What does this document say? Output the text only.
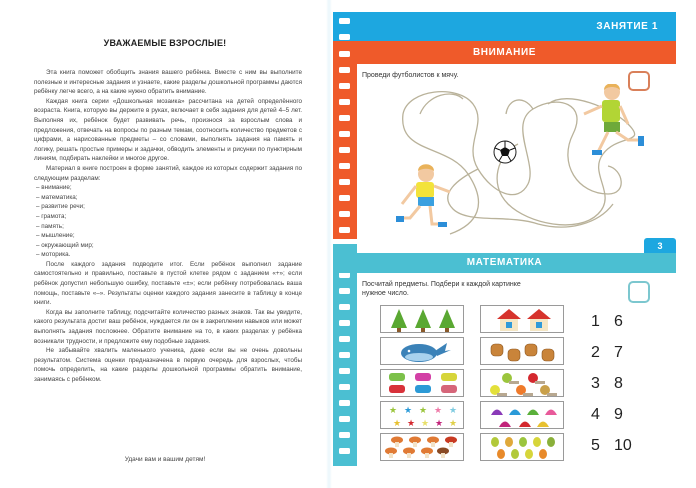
УВАЖАЕМЫЕ ВЗРОСЛЫЕ!

Эта книга поможет обобщить знания вашего ребёнка. Вместе с ним вы выполните полезные и интересные задания и узнаете, какие разделы дошкольной программы даются ребёнку легче всего, а на какие нужно обратить внимание.

Каждая книга серии «Дошкольная мозаика» рассчитана на детей определённого возраста. Книга, которую вы держите в руках, включает в себя задания для детей 4–5 лет. Выполняя их, ребёнок будет развивать речь, произнося за взрослым слова и предложения, отвечать на вопросы по разным темам, соотносить количество предметов с цифрами, а нарисованные предметы – со словами, выполнять задания на память и логику, решать простые примеры и задачки, обводить элементы и рисунки по пунктирным линиям, подбирать наклейки и многое другое.

Материал в книге построен в форме занятий, каждое из которых содержит задания по следующим разделам:

– внимание;
– математика;
– развитие речи;
– грамота;
– память;
– мышление;
– окружающий мир;
– моторика.

После каждого задания подводите итог. Если ребёнок выполнил задание самостоятельно и правильно, поставьте в пустой клетке рядом с заданием «+»; если ребёнок допустил небольшую ошибку, поставьте «±»; если ребёнку потребовалась ваша помощь, поставьте «–». Результаты оценки каждого задания занесите в таблицу в конце книги.

Когда вы заполните таблицу, подсчитайте количество разных знаков. Так вы увидите, какого результата достиг ваш ребёнок, нуждается ли он в закреплении навыков или может выполнять задания посложнее. Обратите внимание на то, в каких разделах у ребёнка возникали трудности, и предложите ему подобные задания.

Не забывайте хвалить маленького ученика, даже если вы не очень довольны результатом. Система оценки предназначена в первую очередь для взрослых, чтобы помочь определить, на какие разделы дошкольной программы обратить внимание, занимаясь с ребёнком.

Удачи вам и вашим детям!
ЗАНЯТИЕ 1
ВНИМАНИЕ
Проведи футболистов к мячу.
3
МАТЕМАТИКА
Посчитай предметы. Подбери к каждой картинке
нужное число.
★ ★ ★ ★ ★
★ ★ ★ ★ ★
1 6
2 7
3 8
4 9
5 10
